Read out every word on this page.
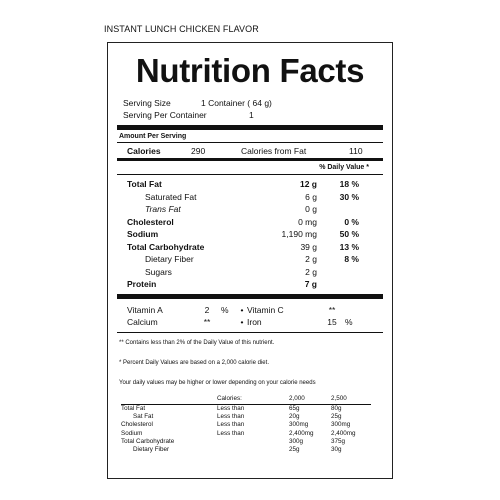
INSTANT LUNCH CHICKEN FLAVOR
Nutrition Facts
Serving Size	1 Container ( 64 g)
Serving Per Container	1
Amount Per Serving
Calories	290	Calories from Fat	110
% Daily Value *
Total Fat	12 g	18 %
Saturated Fat	6 g	30 %
Trans Fat	0 g
Cholesterol	0 mg	0 %
Sodium	1,190 mg	50 %
Total Carbohydrate	39 g	13 %
Dietary Fiber	2 g	8 %
Sugars	2 g
Protein	7 g
Vitamin A	2	%	• Vitamin C	**
Calcium	**	• Iron	15 %
** Contains less than 2% of the Daily Value of this nutrient.
* Percent Daily Values are based on a 2,000 calorie diet.
Your daily values may be higher or lower depending on your calorie needs
	Calories:	2,000	2,500
Total Fat	Less than	65g	80g
Sat Fat	Less than	20g	25g
Cholesterol	Less than	300mg	300mg
Sodium	Less than	2,400mg	2,400mg
Total Carbohydrate		300g	375g
Dietary Fiber		25g	30g
